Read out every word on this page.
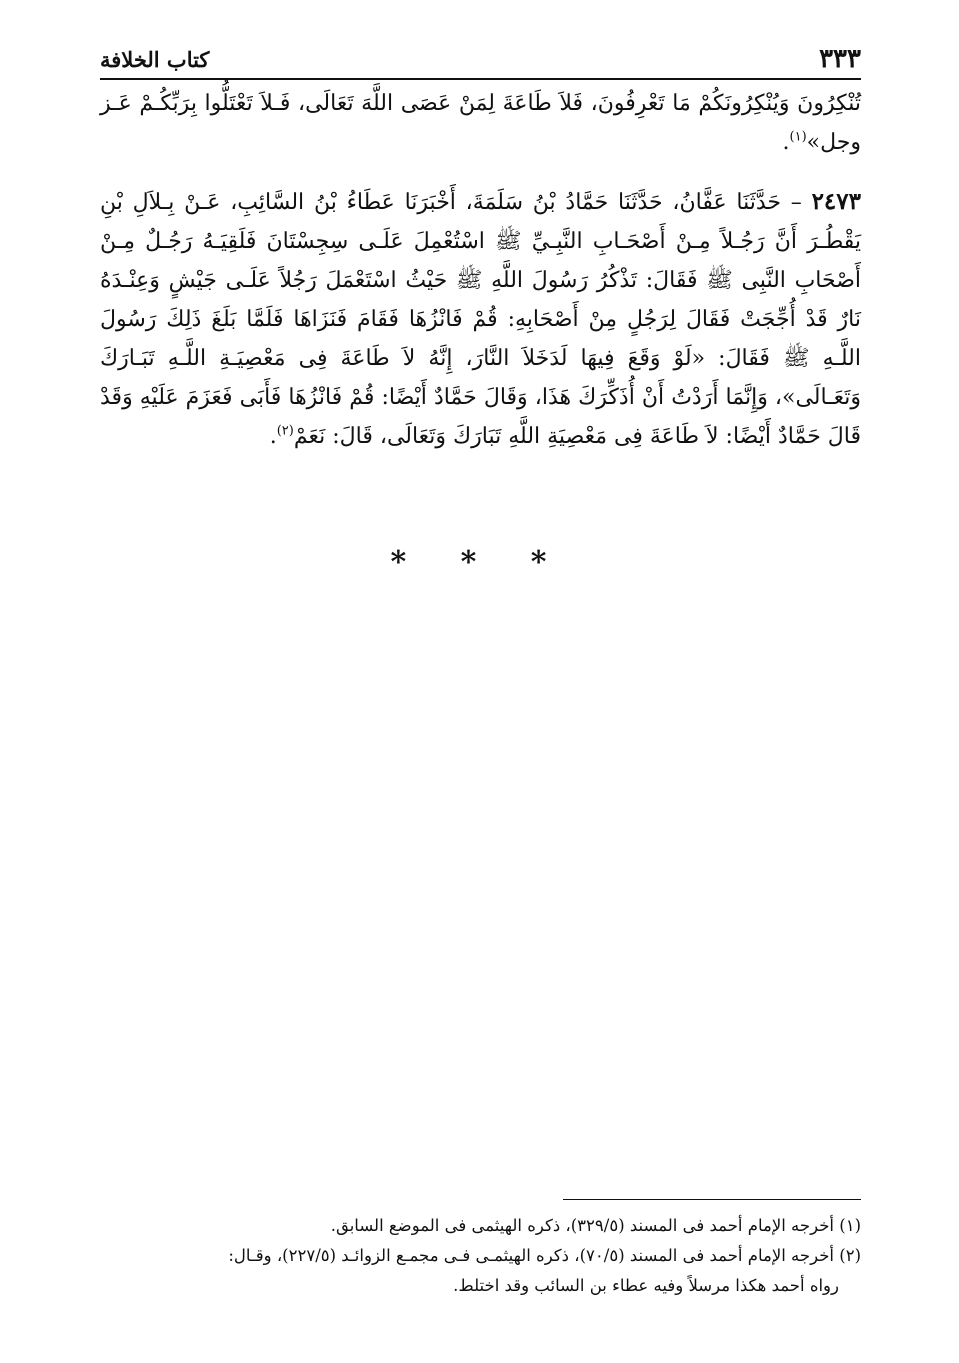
كتاب الخلافة	٣٣٣

تُنْكِرُونَ وَيُنْكِرُونَكُمْ مَا تَعْرِفُونَ، فَلاَ طَاعَةَ لِمَنْ عَصَى اللَّهَ تَعَالَى، فَـلاَ تَعْتَلُّوا بِرَبِّكُـمْ عَـز وجل»$^{(١)}$.

٢٤٧٣ – حَدَّثَنَا عَفَّانُ، حَدَّثَنَا حَمَّادُ بْنُ سَلَمَةَ، أَخْبَرَنَا عَطَاءُ بْنُ السَّائِبِ، عَـنْ بِـلاَلِ بْنِ يَقْطُـرَ أَنَّ رَجُـلاً مِـنْ أَصْحَـابِ النَّبِـيِّ ﷺ اسْتُعْمِلَ عَلَـى سِجِسْتَانَ فَلَقِيَـهُ رَجُـلٌ مِـنْ أَصْحَابِ النَّبِى ﷺ فَقَالَ: تَذْكُرُ رَسُولَ اللَّهِ ﷺ حَيْثُ اسْتَعْمَلَ رَجُلاً عَلَـى جَيْشٍ وَعِنْـدَهُ نَارٌ قَدْ أُجِّجَتْ فَقَالَ لِرَجُلٍ مِنْ أَصْحَابِهِ: قُمْ فَانْزُهَا فَقَامَ فَنَزَاهَا فَلَمَّا بَلَغَ ذَلِكَ رَسُولَ اللَّـهِ ﷺ فَقَالَ: «لَوْ وَقَعَ فِيهَا لَدَخَلاَ النَّارَ، إِنَّهُ لاَ طَاعَةَ فِى مَعْصِيَـةِ اللَّـهِ تَبَـارَكَ وَتَعَـالَى»، وَإِنَّمَا أَرَدْتُ أَنْ أُذَكِّرَكَ هَذَا، وَقَالَ حَمَّادٌ أَيْضًا: قُمْ فَانْزُهَا فَأَبَى فَعَزَمَ عَلَيْهِ وَقَدْ قَالَ حَمَّادٌ أَيْضًا: لاَ طَاعَةَ فِى مَعْصِيَةِ اللَّهِ تَبَارَكَ وَتَعَالَى، قَالَ: نَعَمْ$^{(٢)}$.

* * *

(١) أخرجه الإمام أحمد فى المسند (٣٢٩/٥)، ذكره الهيثمى فى الموضع السابق.

(٢) أخرجه الإمام أحمد فى المسند (٧٠/٥)، ذكره الهيثمـى فـى مجمـع الزوائـد (٢٢٧/٥)، وقـال:

رواه أحمد هكذا مرسلاً وفيه عطاء بن السائب وقد اختلط.
